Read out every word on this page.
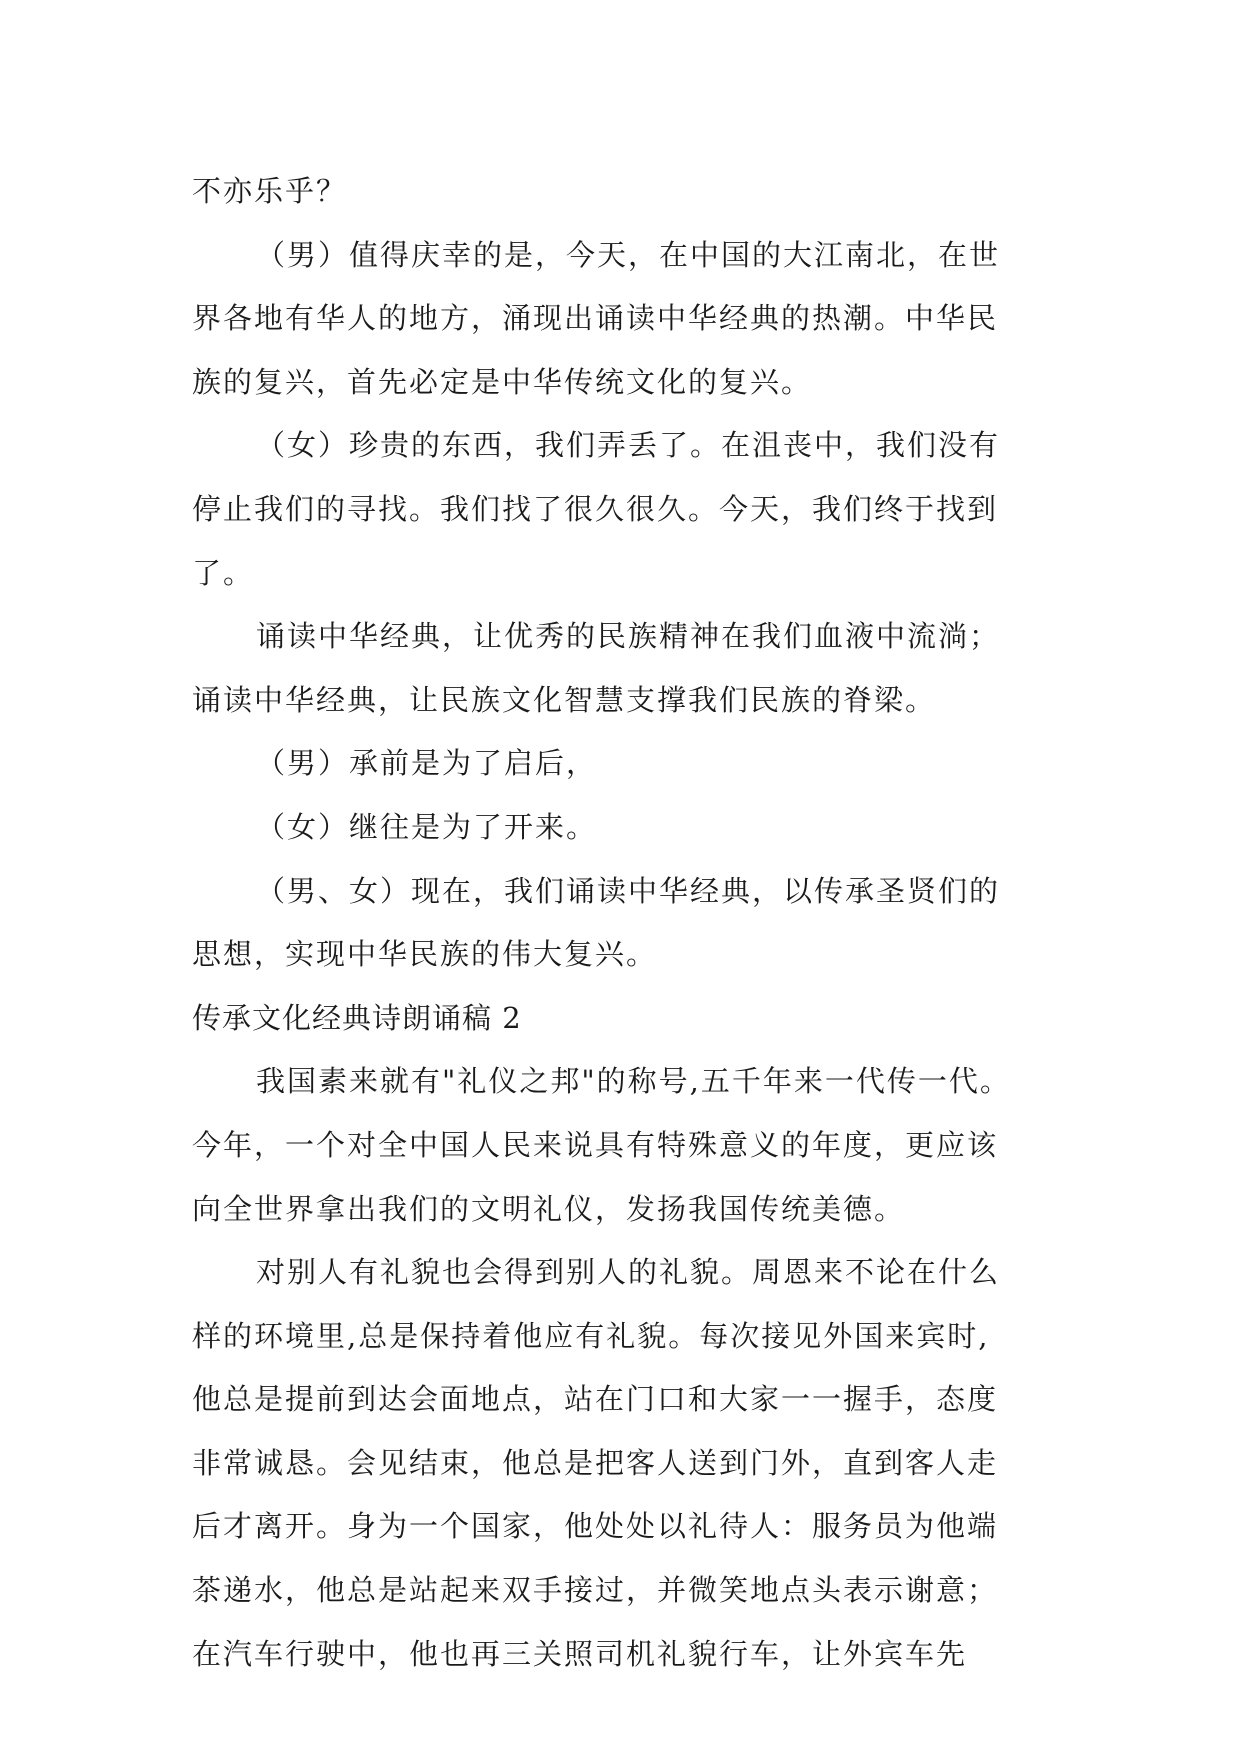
不亦乐乎？
（男）值得庆幸的是，今天，在中国的大江南北，在世
界各地有华人的地方，涌现出诵读中华经典的热潮。中华民
族的复兴，首先必定是中华传统文化的复兴。
（女）珍贵的东西，我们弄丢了。在沮丧中，我们没有
停止我们的寻找。我们找了很久很久。今天，我们终于找到
了。
诵读中华经典，让优秀的民族精神在我们血液中流淌；
诵读中华经典，让民族文化智慧支撑我们民族的脊梁。
（男）承前是为了启后，
（女）继往是为了开来。
（男、女）现在，我们诵读中华经典，以传承圣贤们的
思想，实现中华民族的伟大复兴。
传承文化经典诗朗诵稿 2
我国素来就有"礼仪之邦"的称号,五千年来一代传一代。
今年，一个对全中国人民来说具有特殊意义的年度，更应该
向全世界拿出我们的文明礼仪，发扬我国传统美德。
对别人有礼貌也会得到别人的礼貌。周恩来不论在什么
样的环境里,总是保持着他应有礼貌。每次接见外国来宾时,
他总是提前到达会面地点，站在门口和大家一一握手，态度
非常诚恳。会见结束，他总是把客人送到门外，直到客人走
后才离开。身为一个国家，他处处以礼待人：服务员为他端
茶递水，他总是站起来双手接过，并微笑地点头表示谢意；
在汽车行驶中，他也再三关照司机礼貌行车，让外宾车先
